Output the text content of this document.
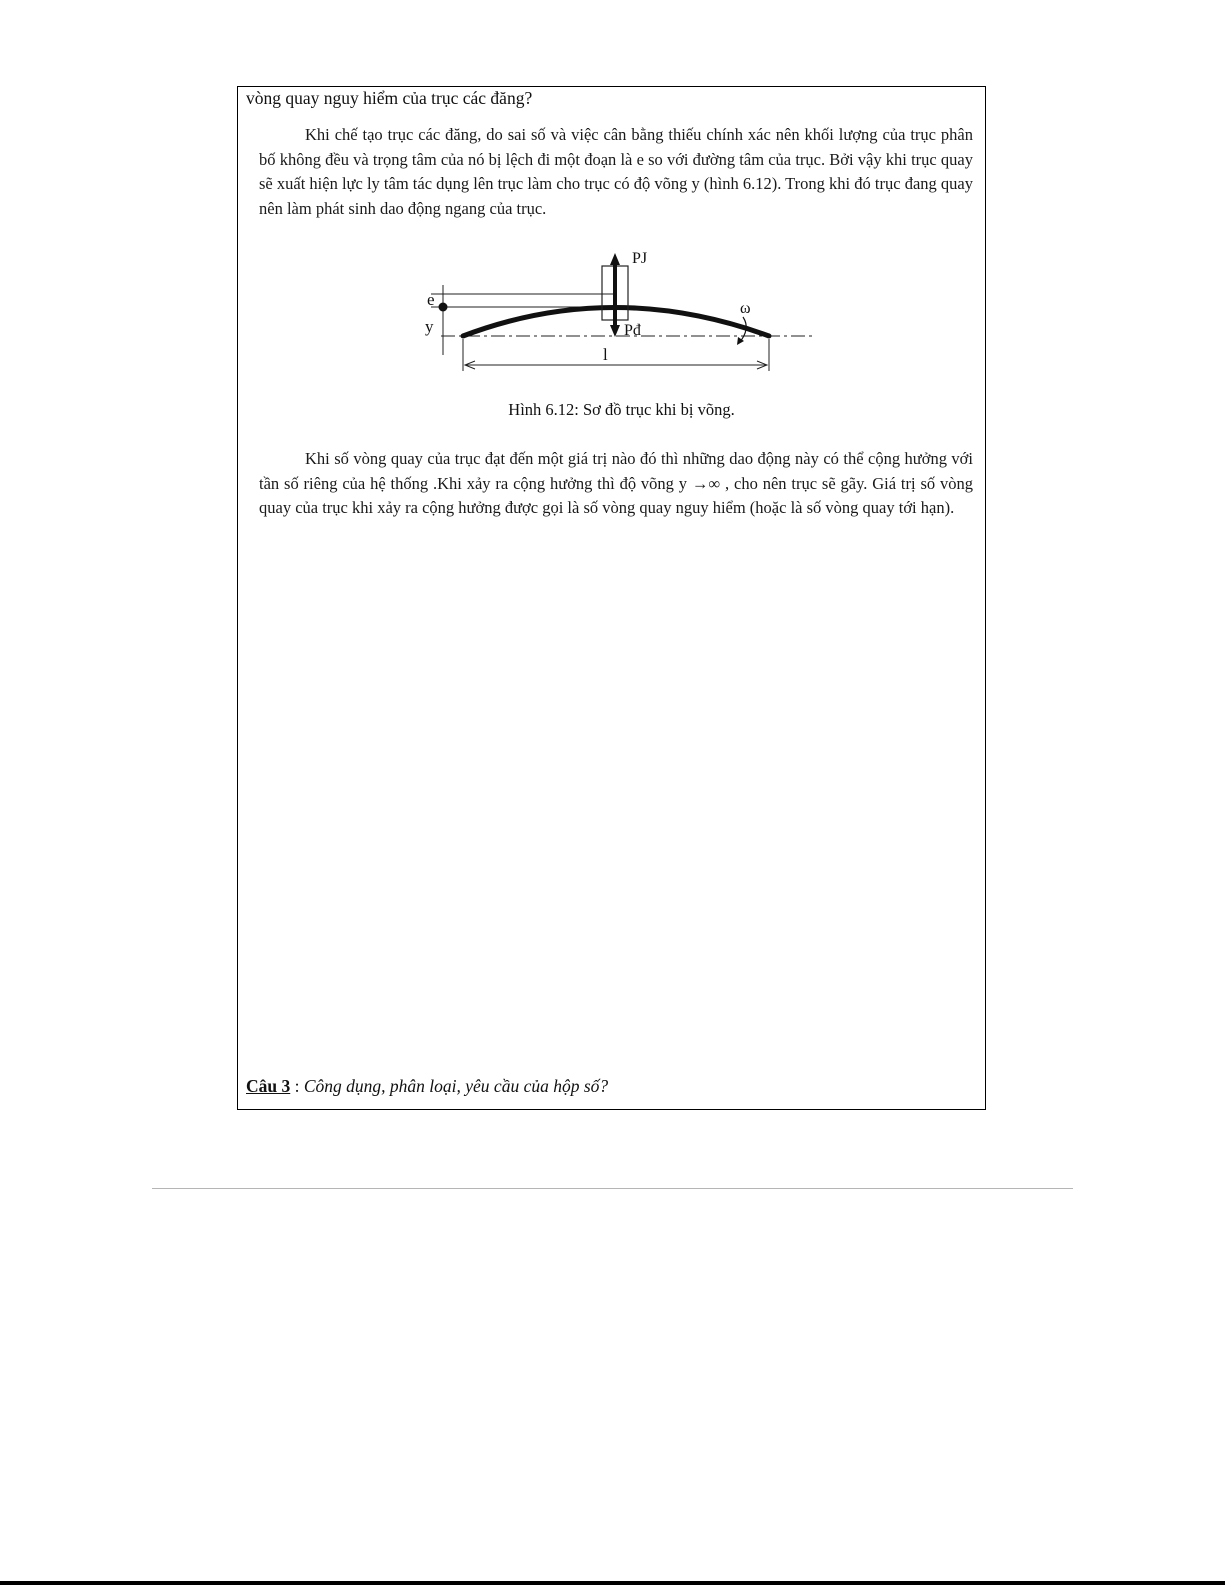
vòng quay nguy hiểm của trục các đăng?

Khi chế tạo trục các đăng, do sai số và việc cân bằng thiếu chính xác nên khối lượng của trục phân bố không đều và trọng tâm của nó bị lệch đi một đoạn là e so với đường tâm của trục. Bởi vậy khi trục quay sẽ xuất hiện lực ly tâm tác dụng lên trục làm cho trục có độ võng y (hình 6.12). Trong khi đó trục đang quay nên làm phát sinh dao động ngang của trục.

PJ
Pđ
e
y
l
ω

Hình 6.12: Sơ đồ trục khi bị võng.

Khi số vòng quay của trục đạt đến một giá trị nào đó thì những dao động này có thể cộng hưởng với tần số riêng của hệ thống .Khi xảy ra cộng hưởng thì độ võng y →∞ , cho nên trục sẽ gãy. Giá trị số vòng quay của trục khi xảy ra cộng hưởng được gọi là số vòng quay nguy hiểm (hoặc là số vòng quay tới hạn).

Câu 3 : Công dụng, phân loại, yêu cầu của hộp số?
